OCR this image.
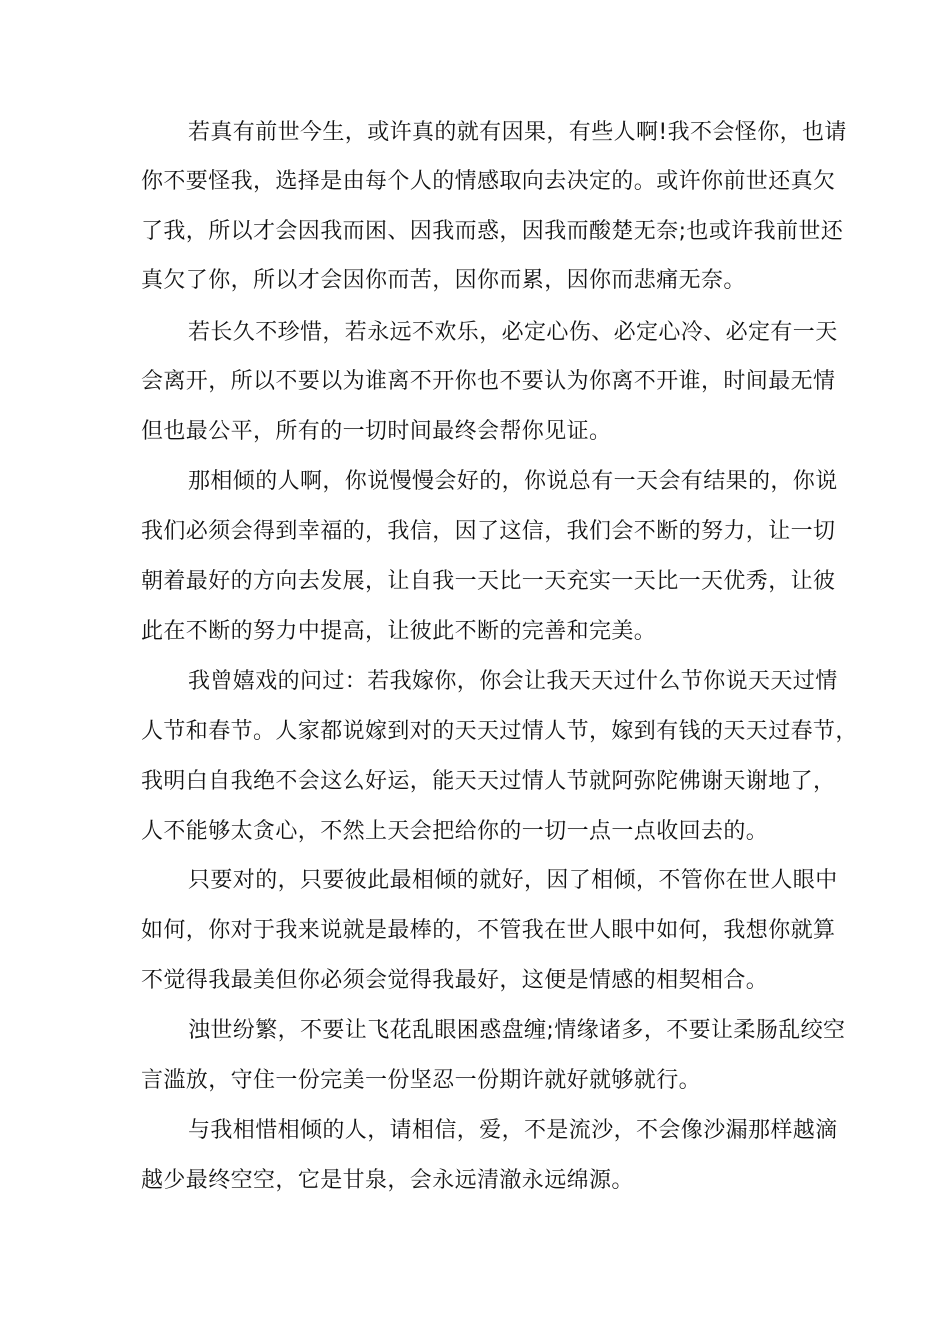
若真有前世今生，或许真的就有因果，有些人啊!我不会怪你，也请
你不要怪我，选择是由每个人的情感取向去决定的。或许你前世还真欠
了我，所以才会因我而困、因我而惑，因我而酸楚无奈;也或许我前世还
真欠了你，所以才会因你而苦，因你而累，因你而悲痛无奈。
若长久不珍惜，若永远不欢乐，必定心伤、必定心冷、必定有一天
会离开，所以不要以为谁离不开你也不要认为你离不开谁，时间最无情
但也最公平，所有的一切时间最终会帮你见证。
那相倾的人啊，你说慢慢会好的，你说总有一天会有结果的，你说
我们必须会得到幸福的，我信，因了这信，我们会不断的努力，让一切
朝着最好的方向去发展，让自我一天比一天充实一天比一天优秀，让彼
此在不断的努力中提高，让彼此不断的完善和完美。
我曾嬉戏的问过：若我嫁你，你会让我天天过什么节你说天天过情
人节和春节。人家都说嫁到对的天天过情人节，嫁到有钱的天天过春节，
我明白自我绝不会这么好运，能天天过情人节就阿弥陀佛谢天谢地了，
人不能够太贪心，不然上天会把给你的一切一点一点收回去的。
只要对的，只要彼此最相倾的就好，因了相倾，不管你在世人眼中
如何，你对于我来说就是最棒的，不管我在世人眼中如何，我想你就算
不觉得我最美但你必须会觉得我最好，这便是情感的相契相合。
浊世纷繁，不要让飞花乱眼困惑盘缠;情缘诸多，不要让柔肠乱绞空
言滥放，守住一份完美一份坚忍一份期许就好就够就行。
与我相惜相倾的人，请相信，爱，不是流沙，不会像沙漏那样越滴
越少最终空空，它是甘泉，会永远清澈永远绵源。
